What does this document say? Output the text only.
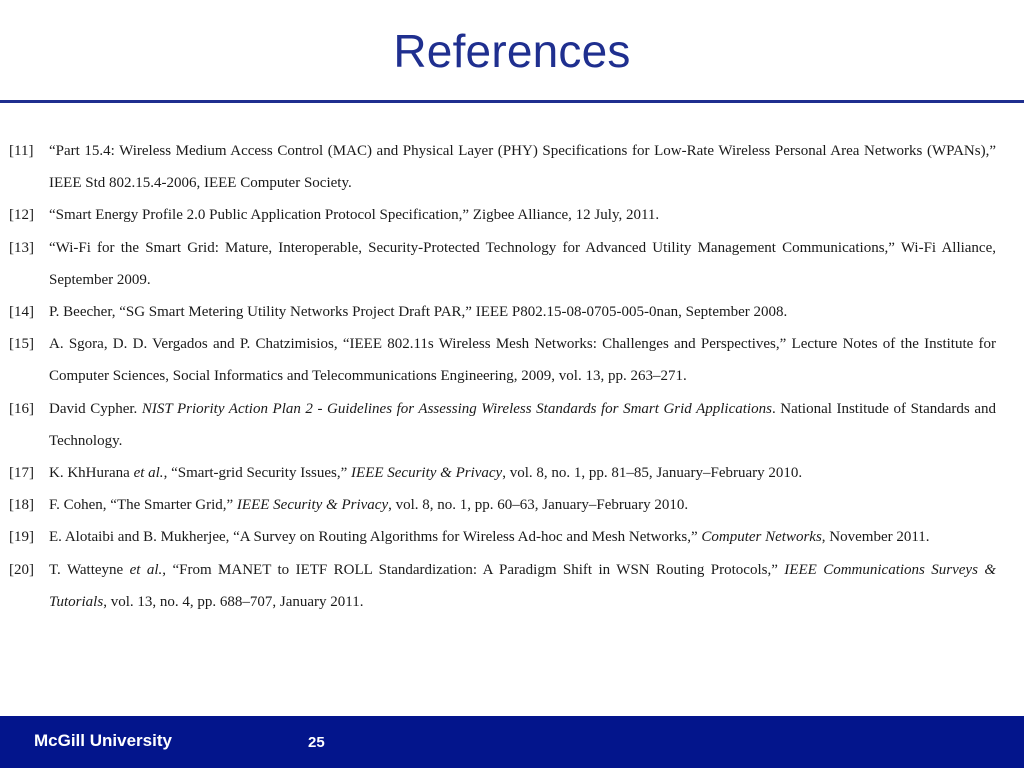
References
[11] “Part 15.4: Wireless Medium Access Control (MAC) and Physical Layer (PHY) Specifications for Low-Rate Wireless Personal Area Networks (WPANs),” IEEE Std 802.15.4-2006, IEEE Computer Society.
[12] “Smart Energy Profile 2.0 Public Application Protocol Specification,” Zigbee Alliance, 12 July, 2011.
[13] “Wi-Fi for the Smart Grid: Mature, Interoperable, Security-Protected Technology for Advanced Utility Management Communications,” Wi-Fi Alliance, September 2009.
[14] P. Beecher, “SG Smart Metering Utility Networks Project Draft PAR,” IEEE P802.15-08-0705-005-0nan, September 2008.
[15] A. Sgora, D. D. Vergados and P. Chatzimisios, “IEEE 802.11s Wireless Mesh Networks: Challenges and Perspectives,” Lecture Notes of the Institute for Computer Sciences, Social Informatics and Telecommunications Engineering, 2009, vol. 13, pp. 263–271.
[16] David Cypher. NIST Priority Action Plan 2 - Guidelines for Assessing Wireless Standards for Smart Grid Applications. National Institude of Standards and Technology.
[17] K. KhHurana et al., “Smart-grid Security Issues,” IEEE Security & Privacy, vol. 8, no. 1, pp. 81–85, January–February 2010.
[18] F. Cohen, “The Smarter Grid,” IEEE Security & Privacy, vol. 8, no. 1, pp. 60–63, January–February 2010.
[19] E. Alotaibi and B. Mukherjee, “A Survey on Routing Algorithms for Wireless Ad-hoc and Mesh Networks,” Computer Networks, November 2011.
[20] T. Watteyne et al., “From MANET to IETF ROLL Standardization: A Paradigm Shift in WSN Routing Protocols,” IEEE Communications Surveys & Tutorials, vol. 13, no. 4, pp. 688–707, January 2011.
McGill University	25
